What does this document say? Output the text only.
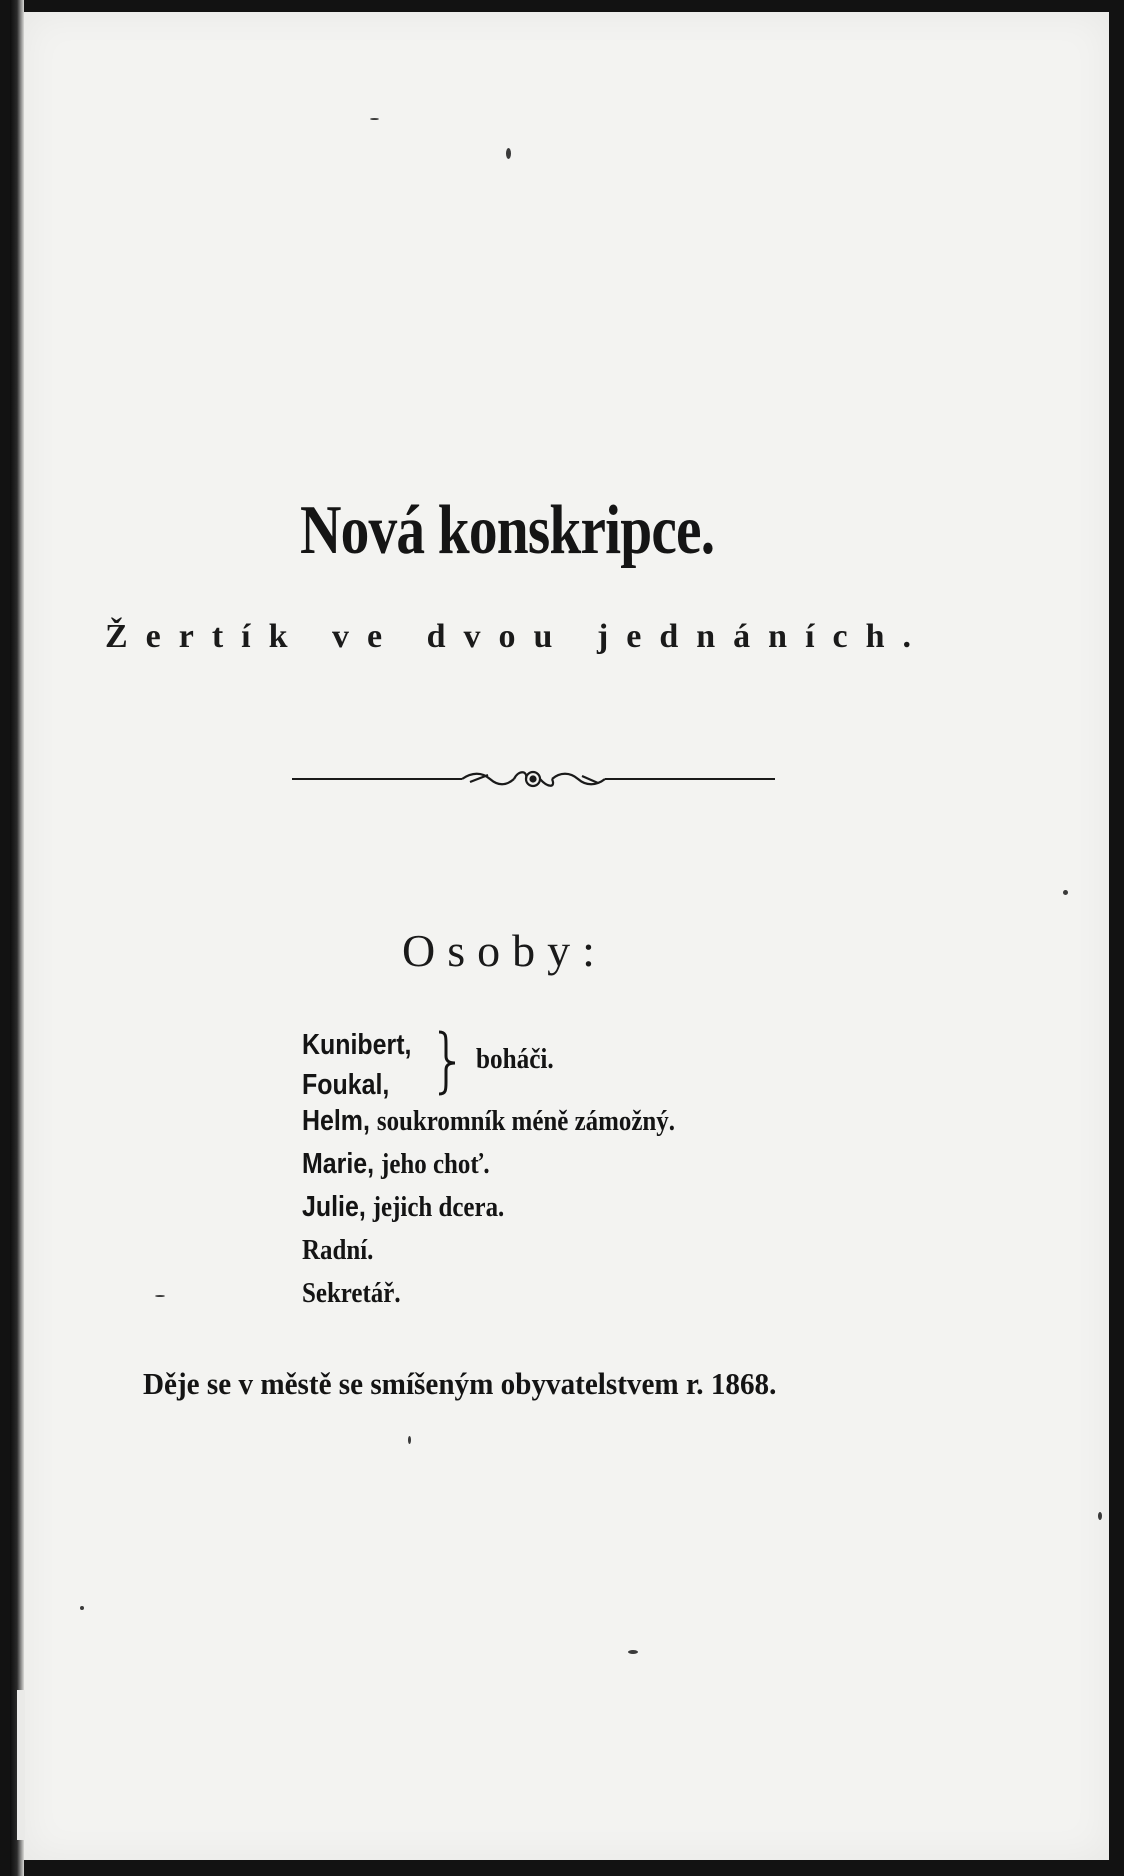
Nová konskripce.
Žertík ve dvou jednáních.
Osoby:
Kunibert,
Foukal,
boháči.
Helm, soukromník méně zámožný.
Marie, jeho choť.
Julie, jejich dcera.
Radní.
Sekretář.
Děje se v městě se smíšeným obyvatelstvem r. 1868.
